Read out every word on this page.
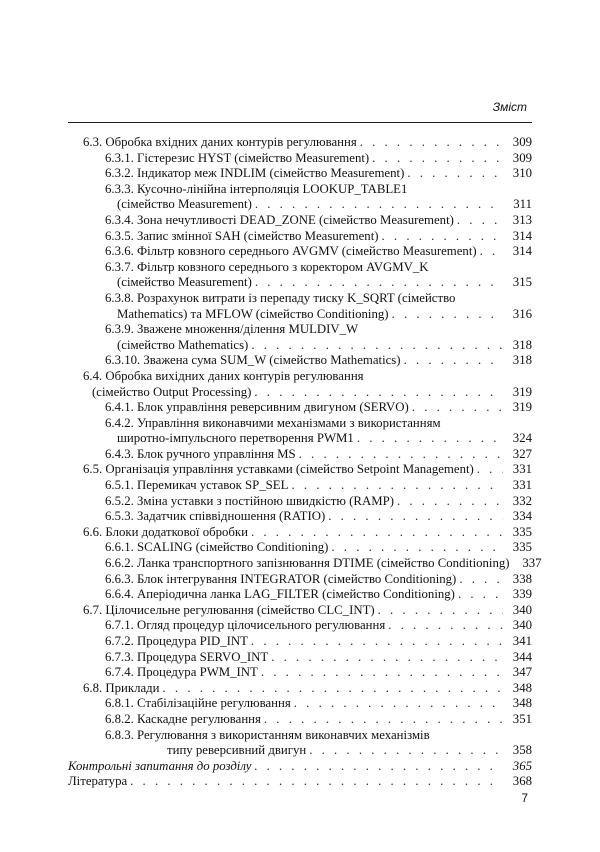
Зміст
6.3. Обробка вхідних даних контурів регулювання . . .	309
6.3.1. Гістерезис HYST (сімейство Measurement) . . .	309
6.3.2. Індикатор меж INDLIM (сімейство Measurement) . . .	310
6.3.3. Кусочно-лінійна інтерполяція LOOKUP_TABLE1
(сімейство Measurement) . . .	311
6.3.4. Зона нечутливості DEAD_ZONE (сімейство Measurement) . . .	313
6.3.5. Запис змінної SAH (сімейство Measurement) . . .	314
6.3.6. Фільтр ковзного середнього AVGMV (сімейство Measurement) . . .	314
6.3.7. Фільтр ковзного середнього з коректором AVGMV_K
(сімейство Measurement) . . .	315
6.3.8. Розрахунок витрати із перепаду тиску K_SQRT (сімейство
Mathematics) та MFLOW (сімейство Conditioning) . . .	316
6.3.9. Зважене множення/ділення MULDIV_W
(сімейство Mathematics) . . .	318
6.3.10. Зважена сума SUM_W (сімейство Mathematics) . . .	318
6.4. Обробка вихідних даних контурів регулювання
(сімейство Output Processing) . . .	319
6.4.1. Блок управління реверсивним двигуном (SERVO) . . .	319
6.4.2. Управління виконавчими механізмами з використанням
широтно-імпульсного перетворення PWM1 . . .	324
6.4.3. Блок ручного управління MS . . .	327
6.5. Організація управління уставками (сімейство Setpoint Management) . . .	331
6.5.1. Перемикач уставок SP_SEL . . .	331
6.5.2. Зміна уставки з постійною швидкістю (RAMP) . . .	332
6.5.3. Задатчик співвідношення (RATIO) . . .	334
6.6. Блоки додаткової обробки . . .	335
6.6.1. SCALING (сімейство Conditioning) . . .	335
6.6.2. Ланка транспортного запізнювання DTIME (сімейство Conditioning) 337
6.6.3. Блок інтегрування INTEGRATOR (сімейство Conditioning) . . .	338
6.6.4. Аперіодична ланка LAG_FILTER (сімейство Conditioning) . . .	339
6.7. Цілочисельне регулювання (сімейство CLC_INT) . . .	340
6.7.1. Огляд процедур цілочисельного регулювання . . .	340
6.7.2. Процедура PID_INT . . .	341
6.7.3. Процедура SERVO_INT . . .	344
6.7.4. Процедура PWM_INT . . .	347
6.8. Приклади . . .	348
6.8.1. Стабілізаційне регулювання . . .	348
6.8.2. Каскадне регулювання . . .	351
6.8.3. Регулювання з використанням виконавчих механізмів
типу реверсивний двигун . . .	358
Контрольні запитання до розділу . . .	365
Література . . .	368
7
